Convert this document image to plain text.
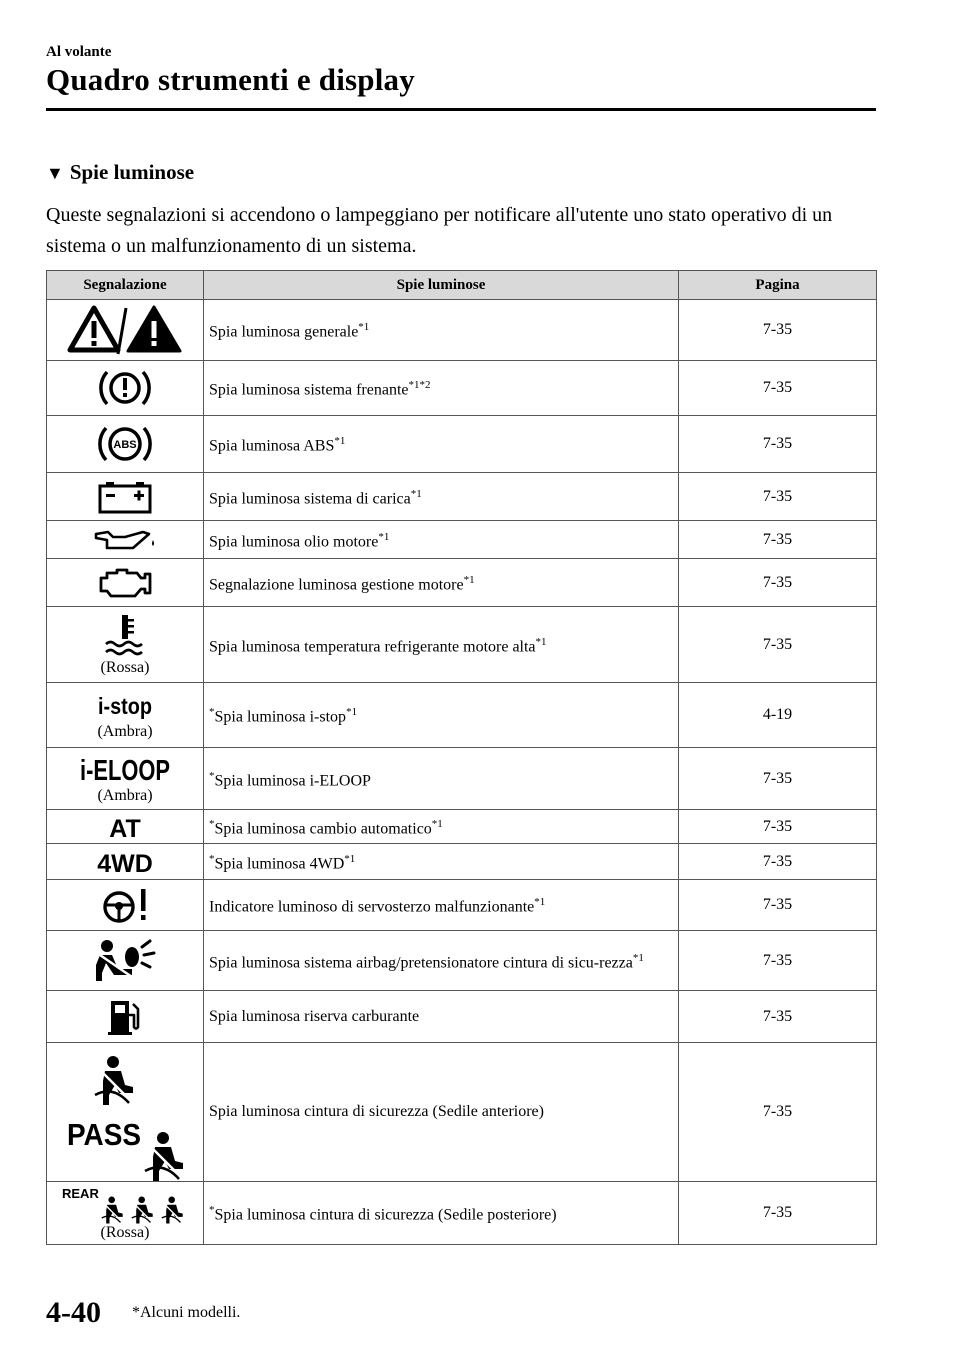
Al volante
Quadro strumenti e display
▼ Spie luminose
Queste segnalazioni si accendono o lampeggiano per notificare all'utente uno stato operativo di un sistema o un malfunzionamento di un sistema.
Segnalazione	Spie luminose	Pagina

	Spia luminosa generale$^{*1}$	7-35

	Spia luminosa sistema frenante$^{*1*2}$	7-35

ABS	Spia luminosa ABS$^{*1}$	7-35

	Spia luminosa sistema di carica$^{*1}$	7-35

	Spia luminosa olio motore$^{*1}$	7-35

	Segnalazione luminosa gestione motore$^{*1}$	7-35

(Rossa)	Spia luminosa temperatura refrigerante motore alta$^{*1}$	7-35

i-stop
(Ambra)	*Spia luminosa i-stop$^{*1}$	4-19

i-ELOOP
(Ambra)	*Spia luminosa i-ELOOP	7-35

AT	*Spia luminosa cambio automatico$^{*1}$	7-35

4WD	*Spia luminosa 4WD$^{*1}$	7-35

	Indicatore luminoso di servosterzo malfunzionante$^{*1}$	7-35

	Spia luminosa sistema airbag/pretensionatore cintura di sicu-rezza$^{*1}$	7-35

	Spia luminosa riserva carburante	7-35

PASS	Spia luminosa cintura di sicurezza (Sedile anteriore)	7-35

REAR
(Rossa)	*Spia luminosa cintura di sicurezza (Sedile posteriore)	7-35
4-40 *Alcuni modelli.
